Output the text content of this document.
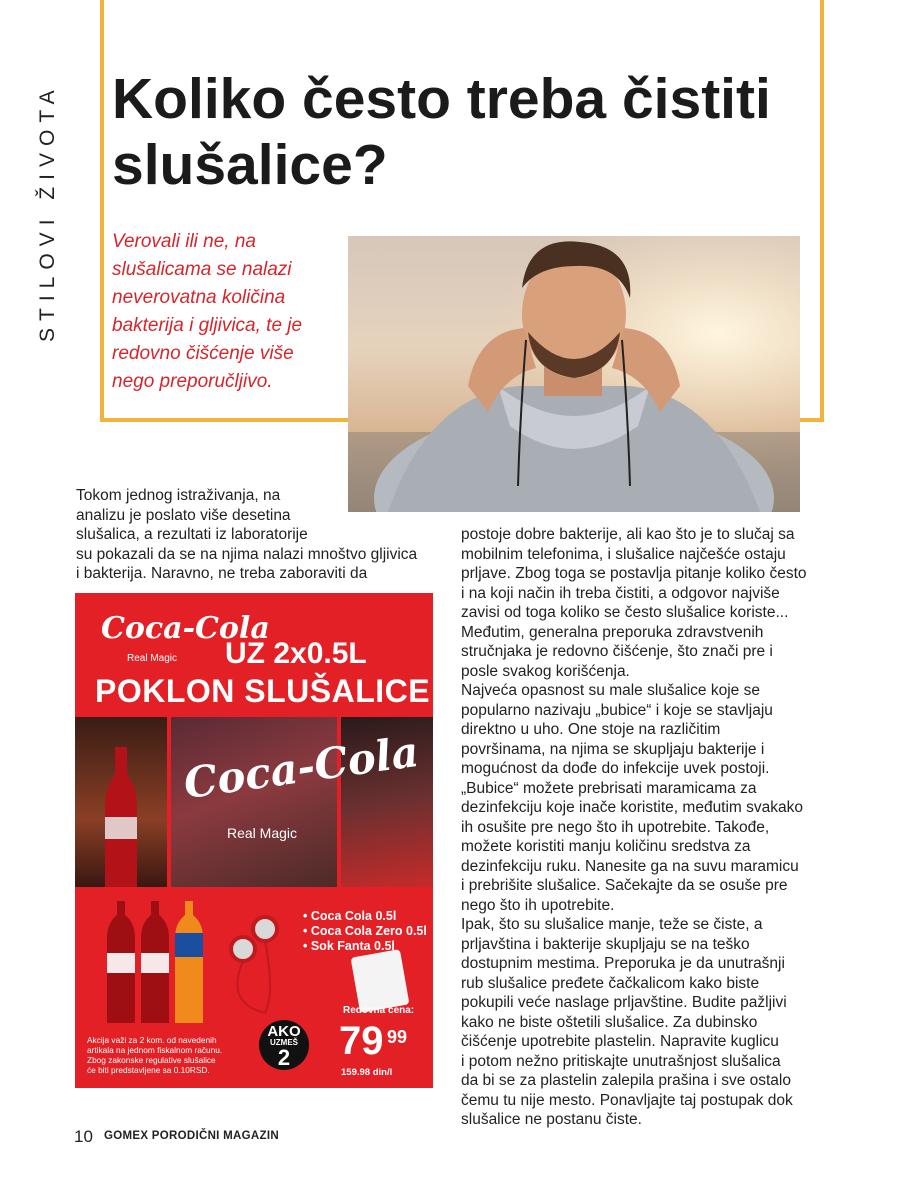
STILOVI ŽIVOTA Koliko često treba čistiti slušalice?

Verovali ili ne, na slušalicama se nalazi neverovatna količina bakterija i gljivica, te je redovno čišćenje više nego preporučljivo.

Tokom jednog istraživanja, na
analizu je poslato više desetina
slušalica, a rezultati iz laboratorije
su pokazali da se na njima nalazi mnoštvo gljivica
i bakterija. Naravno, ne treba zaboraviti da
postoje dobre bakterije, ali kao što je to slučaj sa
mobilnim telefonima, i slušalice najčešće ostaju
prljave. Zbog toga se postavlja pitanje koliko često
i na koji način ih treba čistiti, a odgovor najviše
zavisi od toga koliko se često slušalice koriste...
Međutim, generalna preporuka zdravstvenih
stručnjaka je redovno čišćenje, što znači pre i
posle svakog korišćenja.
Najveća opasnost su male slušalice koje se
popularno nazivaju „bubice“ i koje se stavljaju
direktno u uho. One stoje na različitim
površinama, na njima se skupljaju bakterije i
mogućnost da dođe do infekcije uvek postoji.
„Bubice“ možete prebrisati maramicama za
dezinfekciju koje inače koristite, međutim svakako
ih osušite pre nego što ih upotrebite. Takođe,
možete koristiti manju količinu sredstva za
dezinfekciju ruku. Nanesite ga na suvu maramicu
i prebrišite slušalice. Sačekajte da se osuše pre
nego što ih upotrebite.
Ipak, što su slušalice manje, teže se čiste, a
prljavština i bakterije skupljaju se na teško
dostupnim mestima. Preporuka je da unutrašnji
rub slušalice pređete čačkalicom kako biste
pokupili veće naslage prljavštine. Budite pažljivi
kako ne biste oštetili slušalice. Za dubinsko
čišćenje upotrebite plastelin. Napravite kuglicu
i potom nežno pritiskajte unutrašnjost slušalica
da bi se za plastelin zalepila prašina i sve ostalo
čemu tu nije mesto. Ponavljajte taj postupak dok
slušalice ne postanu čiste.
Coca-Cola
Real Magic UZ 2x0.5L
POKLON SLUŠALICE
Coca-Cola
Real Magic
• Coca Cola 0.5l
• Coca Cola Zero 0.5l
• Sok Fanta 0.5l
AKO
UZMEŠ
2
Redovna cena:
79 99
159.98 din/l
Akcija važi za 2 kom. od navedenih
artikala na jednom fiskalnom računu.
Zbog zakonske regulative slušalice
će biti predstavljene sa 0.10RSD.
10 GOMEX PORODIČNI MAGAZIN
